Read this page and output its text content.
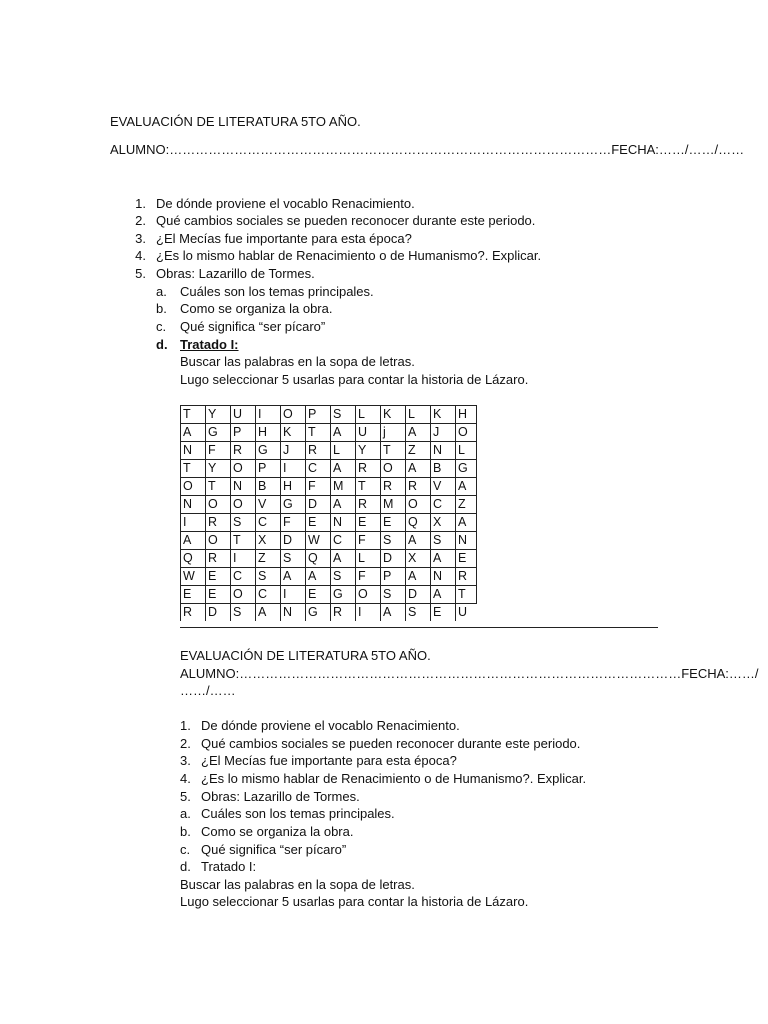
EVALUACIÓN DE LITERATURA 5TO AÑO.
ALUMNO:…………………………………………………………………………………………FECHA:……/……/……
1. De dónde proviene el vocablo Renacimiento.
2. Qué cambios sociales se pueden reconocer durante este periodo.
3. ¿El Mecías fue importante para esta época?
4. ¿Es lo mismo hablar de Renacimiento o de Humanismo?. Explicar.
5. Obras: Lazarillo de Tormes.
a. Cuáles son los temas principales.
b. Como se organiza la obra.
c. Qué significa “ser pícaro”
d. Tratado I:
Buscar las palabras en la sopa de letras.
Lugo seleccionar 5 usarlas para contar la historia de Lázaro.
T	Y	U	I	O	P	S	L	K	L	K	H
A	G	P	H	K	T	A	U	j	A	J	O
N	F	R	G	J	R	L	Y	T	Z	N	L
T	Y	O	P	I	C	A	R	O	A	B	G
O	T	N	B	H	F	M	T	R	R	V	A
N	O	O	V	G	D	A	R	M	O	C	Z
I	R	S	C	F	E	N	E	E	Q	X	A
A	O	T	X	D	W	C	F	S	A	S	N
Q	R	I	Z	S	Q	A	L	D	X	A	E
W	E	C	S	A	A	S	F	P	A	N	R
E	E	O	C	I	E	G	O	S	D	A	T
R	D	S	A	N	G	R	I	A	S	E	U
EVALUACIÓN DE LITERATURA 5TO AÑO.
ALUMNO:…………………………………………………………………………………………FECHA:……/
……/……
1. De dónde proviene el vocablo Renacimiento.
2. Qué cambios sociales se pueden reconocer durante este periodo.
3. ¿El Mecías fue importante para esta época?
4. ¿Es lo mismo hablar de Renacimiento o de Humanismo?. Explicar.
5. Obras: Lazarillo de Tormes.
a. Cuáles son los temas principales.
b. Como se organiza la obra.
c. Qué significa “ser pícaro”
d. Tratado I:
Buscar las palabras en la sopa de letras.
Lugo seleccionar 5 usarlas para contar la historia de Lázaro.
